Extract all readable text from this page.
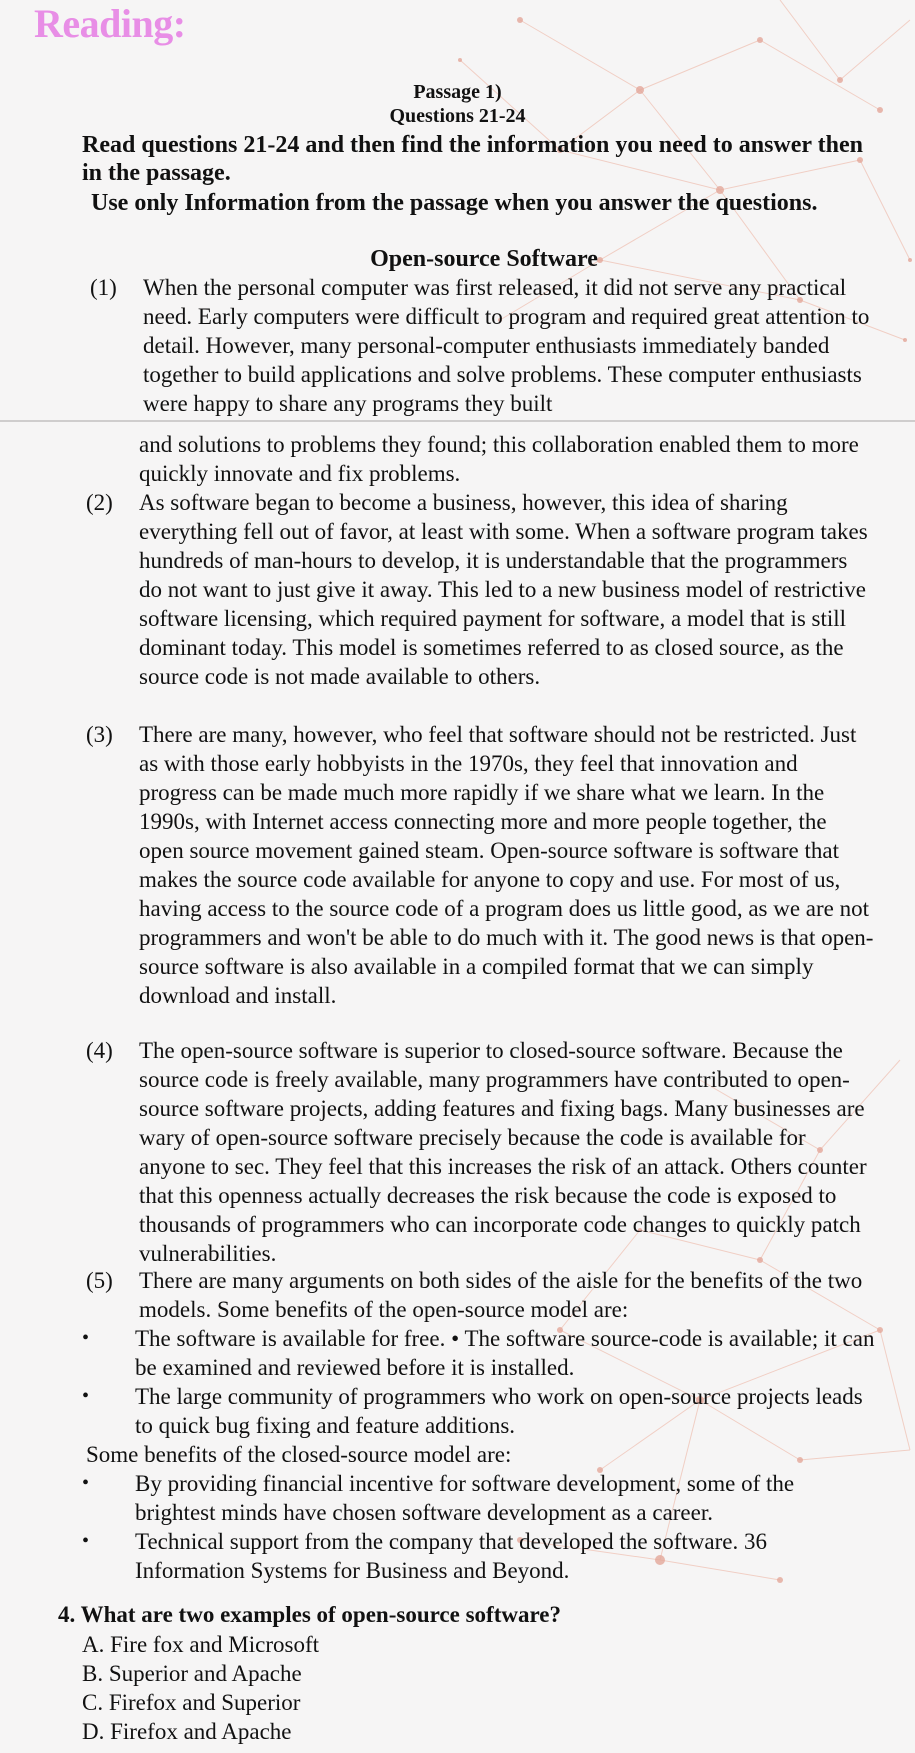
Reading:
Passage 1)
Questions 21-24
Read questions 21-24 and then find the information you need to answer then in the passage.
Use only Information from the passage when you answer the questions.
Open-source Software
(1) When the personal computer was first released, it did not serve any practical need. Early computers were difficult to program and required great attention to detail. However, many personal-computer enthusiasts immediately banded together to build applications and solve problems. These computer enthusiasts were happy to share any programs they built
and solutions to problems they found; this collaboration enabled them to more quickly innovate and fix problems.
(2) As software began to become a business, however, this idea of sharing everything fell out of favor, at least with some. When a software program takes hundreds of man-hours to develop, it is understandable that the programmers do not want to just give it away. This led to a new business model of restrictive software licensing, which required payment for software, a model that is still dominant today. This model is sometimes referred to as closed source, as the source code is not made available to others.
(3) There are many, however, who feel that software should not be restricted. Just as with those early hobbyists in the 1970s, they feel that innovation and progress can be made much more rapidly if we share what we learn. In the 1990s, with Internet access connecting more and more people together, the open source movement gained steam. Open-source software is software that makes the source code available for anyone to copy and use. For most of us, having access to the source code of a program does us little good, as we are not programmers and won't be able to do much with it. The good news is that open-source software is also available in a compiled format that we can simply download and install.
(4) The open-source software is superior to closed-source software. Because the source code is freely available, many programmers have contributed to open-source software projects, adding features and fixing bags. Many businesses are wary of open-source software precisely because the code is available for anyone to sec. They feel that this increases the risk of an attack. Others counter that this openness actually decreases the risk because the code is exposed to thousands of programmers who can incorporate code changes to quickly patch vulnerabilities.
(5) There are many arguments on both sides of the aisle for the benefits of the two models. Some benefits of the open-source model are:
• The software is available for free. • The software source-code is available; it can be examined and reviewed before it is installed.
• The large community of programmers who work on open-source projects leads to quick bug fixing and feature additions.
Some benefits of the closed-source model are:
• By providing financial incentive for software development, some of the brightest minds have chosen software development as a career.
• Technical support from the company that developed the software. 36 Information Systems for Business and Beyond.
4. What are two examples of open-source software?
A. Fire fox and Microsoft
B. Superior and Apache
C. Firefox and Superior
D. Firefox and Apache
